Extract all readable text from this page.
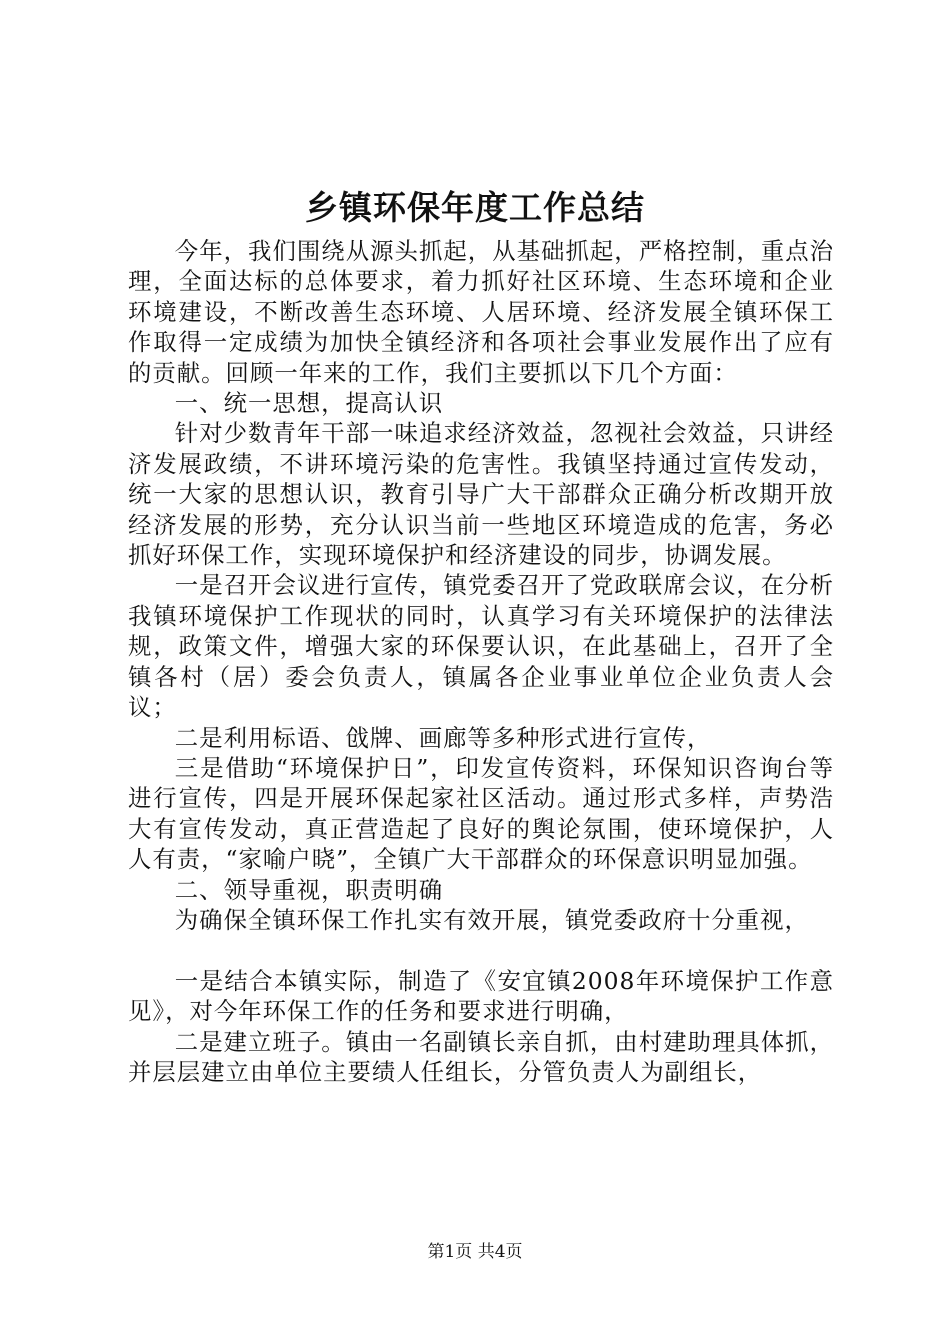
乡镇环保年度工作总结

今年，我们围绕从源头抓起，从基础抓起，严格控制，重点治理，全面达标的总体要求，着力抓好社区环境、生态环境和企业环境建设，不断改善生态环境、人居环境、经济发展全镇环保工作取得一定成绩为加快全镇经济和各项社会事业发展作出了应有的贡献。回顾一年来的工作，我们主要抓以下几个方面：

一、统一思想，提高认识

针对少数青年干部一味追求经济效益，忽视社会效益，只讲经济发展政绩，不讲环境污染的危害性。我镇坚持通过宣传发动，统一大家的思想认识，教育引导广大干部群众正确分析改期开放经济发展的形势，充分认识当前一些地区环境造成的危害，务必抓好环保工作，实现环境保护和经济建设的同步，协调发展。

一是召开会议进行宣传，镇党委召开了党政联席会议，在分析我镇环境保护工作现状的同时，认真学习有关环境保护的法律法规，政策文件，增强大家的环保要认识，在此基础上，召开了全镇各村（居）委会负责人，镇属各企业事业单位企业负责人会议；

二是利用标语、戗牌、画廊等多种形式进行宣传，

三是借助“环境保护日”，印发宣传资料，环保知识咨询台等进行宣传，四是开展环保起家社区活动。通过形式多样，声势浩大有宣传发动，真正营造起了良好的舆论氛围，使环境保护，人人有责，“家喻户晓”，全镇广大干部群众的环保意识明显加强。

二、领导重视，职责明确

为确保全镇环保工作扎实有效开展，镇党委政府十分重视，

一是结合本镇实际，制造了《安宜镇2008年环境保护工作意见》，对今年环保工作的任务和要求进行明确，

二是建立班子。镇由一名副镇长亲自抓，由村建助理具体抓，并层层建立由单位主要绩人任组长，分管负责人为副组长，

第1页 共4页
